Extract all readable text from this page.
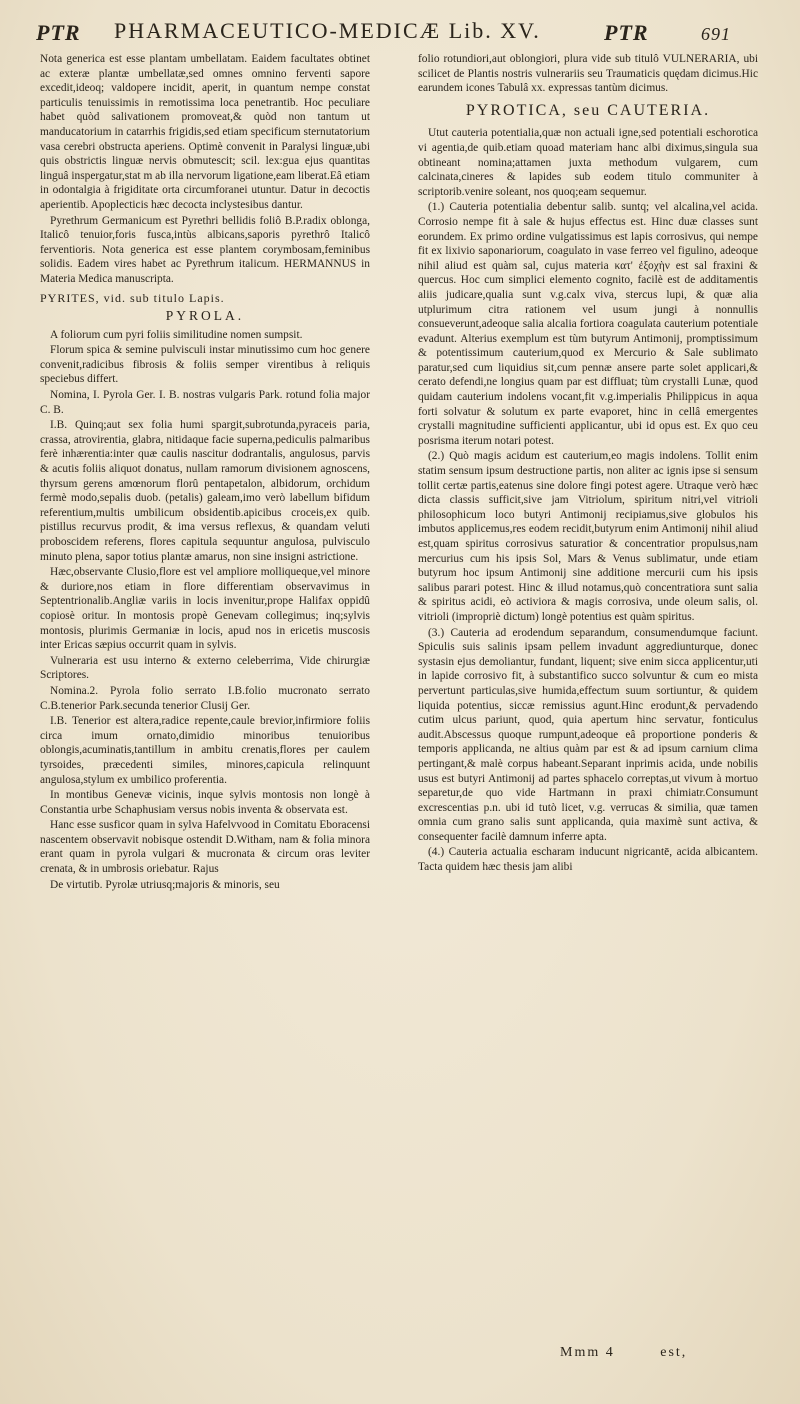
PTR PHARMACEUTICO-MEDICÆ Lib. XV.	PTR	691

Nota generica est esse plantam umbellatam. Eaidem facultates obtinet ac exteræ plantæ umbellatæ,sed omnes omnino ferventi sapore excedit,ideoq; valdopere incidit, aperit, in quantum nempe constat particulis tenuissimis in remotissima loca penetrantib. Hoc peculiare habet quòd salivationem promoveat,& quòd non tantum ut manducatorium in catarrhis frigidis,sed etiam specificum sternutatorium vasa cerebri obstructa aperiens. Optimè convenit in Paralysi linguæ,ubi quis obstrictis linguæ nervis obmutescit; scil. lex:gua ejus quantitas linguâ inspergatur,stat m ab illa nervorum ligatione,eam liberat.Eâ etiam in odontalgia à frigiditate orta circumforanei utuntur. Datur in decoctis aperientib. Apoplecticis hæc decocta inclystesibus dantur.

Pyrethrum Germanicum est Pyrethri bellidis foliô B.P.radix oblonga, Italicô tenuior,foris fusca,intùs albicans,saporis pyrethrô Italicô ferventioris. Nota generica est esse plantem corymbosam,feminibus solidis. Eadem vires habet ac Pyrethrum italicum. HERMANNUS in Materia Medica manuscripta.

PYRITES, vid. sub titulo Lapis.
PYROLA.

A foliorum cum pyri foliis similitudine nomen sumpsit.

Florum spica & semine pulvisculi instar minutissimo cum hoc genere convenit,radicibus fibrosis & foliis semper virentibus à reliquis speciebus differt.

Nomina, I. Pyrola Ger. I. B. nostras vulgaris Park. rotund folia major C. B.

I.B. Quinq;aut sex folia humi spargit,subrotunda,pyraceis paria, crassa, atrovirentia, glabra, nitidaque facie superna,pediculis palmaribus ferè inhærentia:inter quæ caulis nascitur dodrantalis, angulosus, parvis & acutis foliis aliquot donatus, nullam ramorum divisionem agnoscens, thyrsum gerens amœnorum florû pentapetalon, albidorum, orchidum fermè modo,sepalis duob. (petalis) galeam,imo verò labellum bifidum referentium,multis umbilicum obsidentib.apicibus croceis,ex quib. pistillus recurvus prodit, & ima versus reflexus, & quandam veluti proboscidem referens, flores capitula sequuntur angulosa, pulvisculo minuto plena, sapor totius plantæ amarus, non sine insigni astrictione.

Hæc,observante Clusio,flore est vel ampliore molliqueque,vel minore & duriore,nos etiam in flore differentiam observavimus in Septentrionalib.Angliæ variis in locis invenitur,prope Halifax oppidû copiosè oritur. In montosis propè Genevam collegimus; inq;sylvis montosis, plurimis Germaniæ in locis, apud nos in ericetis muscosis inter Ericas sæpius occurrit quam in sylvis.

Vulneraria est usu interno & externo celeberrima, Vide chirurgiæ Scriptores.

Nomina.2. Pyrola folio serrato I.B.folio mucronato serrato C.B.tenerior Park.secunda tenerior Clusij Ger.

I.B. Tenerior est altera,radice repente,caule brevior,infirmiore foliis circa imum ornato,dimidio minoribus tenuioribus oblongis,acuminatis,tantillum in ambitu crenatis,flores per caulem tyrsoides, præcedenti similes, minores,capicula relinquunt angulosa,stylum ex umbilico proferentia.

In montibus Genevæ vicinis, inque sylvis montosis non longè à Constantia urbe Schaphusiam versus nobis inventa & observata est.

Hanc esse susficor quam in sylva Hafelvvood in Comitatu Eboracensi nascentem observavit nobisque ostendit D.Witham, nam & folia minora erant quam in pyrola vulgari & mucronata & circum oras leviter crenata, & in umbrosis oriebatur. Rajus

De virtutib. Pyrolæ utriusq;majoris & minoris, seu

folio rotundiori,aut oblongiori, plura vide sub titulô VULNERARIA, ubi scilicet de Plantis nostris vulnerariis seu Traumaticis quędam dicimus.Hic earundem icones Tabulâ xx. expressas tantùm dicimus.

PYROTICA, seu CAUTERIA.

Utut cauteria potentialia,quæ non actuali igne,sed potentiali eschorotica vi agentia,de quib.etiam quoad materiam hanc albi diximus,singula sua obtineant nomina;attamen juxta methodum vulgarem, cum calcinata,cineres & lapides sub eodem titulo communiter à scriptorib.venire soleant, nos quoq;eam sequemur.

(1.) Cauteria potentialia debentur salib. suntq; vel alcalina,vel acida. Corrosio nempe fit à sale & hujus effectus est. Hinc duæ classes sunt eorundem. Ex primo ordine vulgatissimus est lapis corrosivus, qui nempe fit ex lixivio saponariorum, coagulato in vase ferreo vel figulino, adeoque nihil aliud est quàm sal, cujus materia κατ' ἐξοχὴν est sal fraxini & quercus. Hoc cum simplici elemento cognito, facilè est de additamentis aliis judicare,qualia sunt v.g.calx viva, stercus lupi, & quæ alia utplurimum citra rationem vel usum jungi à nonnullis consueverunt,adeoque salia alcalia fortiora coagulata cauterium potentiale evadunt. Alterius exemplum est tùm butyrum Antimonij, promptissimum & potentissimum cauterium,quod ex Mercurio & Sale sublimato paratur,sed cum liquidius sit,cum pennæ ansere parte solet applicari,& cerato defendi,ne longius quam par est diffluat; tùm crystalli Lunæ, quod quidam cauterium indolens vocant,fit v.g.imperialis Philippicus in aqua forti solvatur & solutum ex parte evaporet, hinc in cellâ emergentes crystalli magnitudine sufficienti applicantur, ubi id opus est. Ex quo ceu posrisma iterum notari potest.

(2.) Quò magis acidum est cauterium,eo magis indolens. Tollit enim statim sensum ipsum destructione partis, non aliter ac ignis ipse si sensum tollit certæ partis,eatenus sine dolore fingi potest agere. Utraque verò hæc dicta classis sufficit,sive jam Vitriolum, spiritum nitri,vel vitrioli philosophicum loco butyri Antimonij recipiamus,sive globulos his imbutos applicemus,res eodem recidit,butyrum enim Antimonij nihil aliud est,quam spiritus corrosivus saturatior & concentratior propulsus,nam mercurius cum his ipsis Sol, Mars & Venus sublimatur, unde etiam butyrum hoc ipsum Antimonij sine additione mercurii cum his ipsis salibus parari potest. Hinc & illud notamus,quò concentratiora sunt salia & spiritus acidi, eò activiora & magis corrosiva, unde oleum salis, ol. vitrioli (impropriè dictum) longè potentius est quàm spiritus.

(3.) Cauteria ad erodendum separandum, consumendumque faciunt. Spiculis suis salinis ipsam pellem invadunt aggrediunturque, donec systasin ejus demoliantur, fundant, liquent; sive enim sicca applicentur,uti in lapide corrosivo fit, à substantifico succo solvuntur & cum eo mista pervertunt particulas,sive humida,effectum suum sortiuntur, & quidem liquida potentius, siccæ remissius agunt.Hinc erodunt,& pervadendo cutim ulcus pariunt, quod, quia apertum hinc servatur, fonticulus audit.Abscessus quoque rumpunt,adeoque eâ proportione ponderis & temporis applicanda, ne altius quàm par est & ad ipsum carnium clima pertingant,& malè corpus habeant.Separant inprimis acida, unde nobilis usus est butyri Antimonij ad partes sphacelo correptas,ut vivum à mortuo separetur,de quo vide Hartmann in praxi chimiatr.Consumunt excrescentias p.n. ubi id tutò licet, v.g. verrucas & similia, quæ tamen omnia cum grano salis sunt applicanda, quia maximè sunt activa, & consequenter facilè damnum inferre apta.

(4.) Cauteria actualia escharam inducunt nigricantē, acida albicantem. Tacta quidem hæc thesis jam alibi

Mmm 4	est,
